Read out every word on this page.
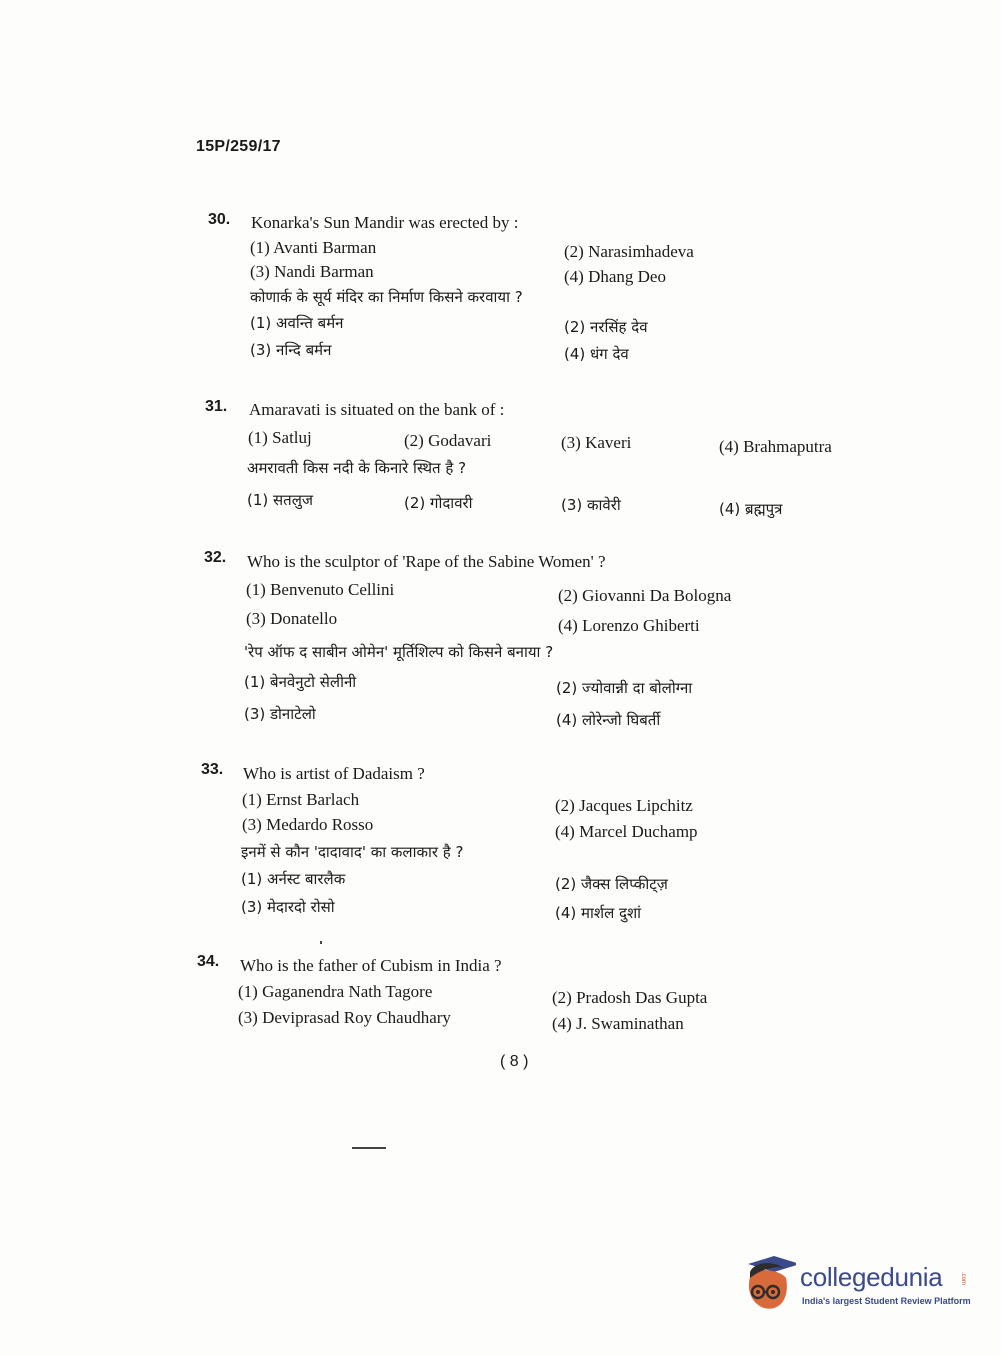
15P/259/17
30. Konarka's Sun Mandir was erected by :
(1) Avanti Barman	(2) Narasimhadeva
(3) Nandi Barman	(4) Dhang Deo
कोणार्क के सूर्य मंदिर का निर्माण किसने करवाया ?
(1) अवन्ति बर्मन	(2) नरसिंह देव
(3) नन्दि बर्मन	(4) धंग देव
31. Amaravati is situated on the bank of :
(1) Satluj	(2) Godavari	(3) Kaveri	(4) Brahmaputra
अमरावती किस नदी के किनारे स्थित है ?
(1) सतलुज	(2) गोदावरी	(3) कावेरी	(4) ब्रह्मपुत्र
32. Who is the sculptor of 'Rape of the Sabine Women' ?
(1) Benvenuto Cellini	(2) Giovanni Da Bologna
(3) Donatello	(4) Lorenzo Ghiberti
'रेप ऑफ द साबीन ओमेन' मूर्तिशिल्प को किसने बनाया ?
(1) बेनवेनुटो सेलीनी	(2) ज्योवान्नी दा बोलोग्ना
(3) डोनाटेलो	(4) लोरेन्जो घिबर्ती
33. Who is artist of Dadaism ?
(1) Ernst Barlach	(2) Jacques Lipchitz
(3) Medardo Rosso	(4) Marcel Duchamp
इनमें से कौन 'दादावाद' का कलाकार है ?
(1) अर्नस्ट बारलैक	(2) जैक्स लिप्कीट्ज़
(3) मेदारदो रोसो	(4) मार्शल दुशां
34. Who is the father of Cubism in India ?
(1) Gaganendra Nath Tagore	(2) Pradosh Das Gupta
(3) Deviprasad Roy Chaudhary	(4) J. Swaminathan
( 8 )
collegedunia	.com
India's largest Student Review Platform
